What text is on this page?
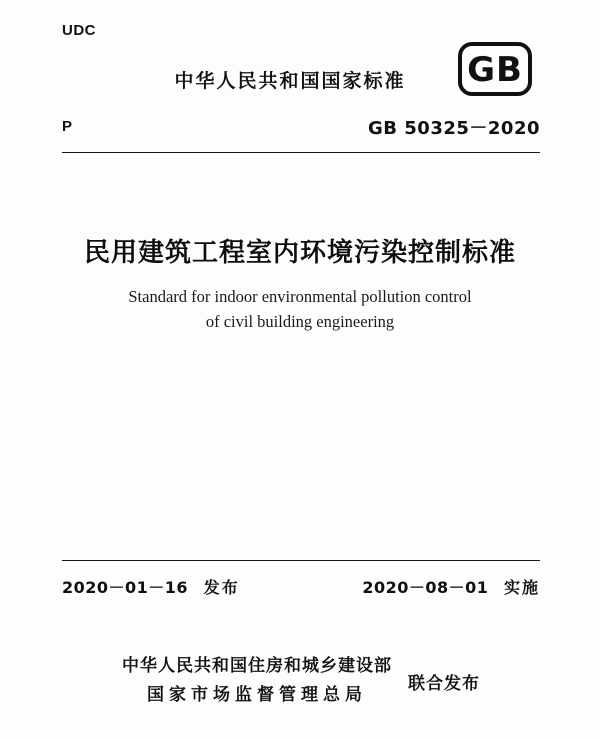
UDC
中华人民共和国国家标准	GB
P	GB 50325－2020
民用建筑工程室内环境污染控制标准
Standard for indoor environmental pollution control
of civil building engineering
2020－01－16 发布	2020－08－01 实施
中华人民共和国住房和城乡建设部
国家市场监督管理总局
联合发布
